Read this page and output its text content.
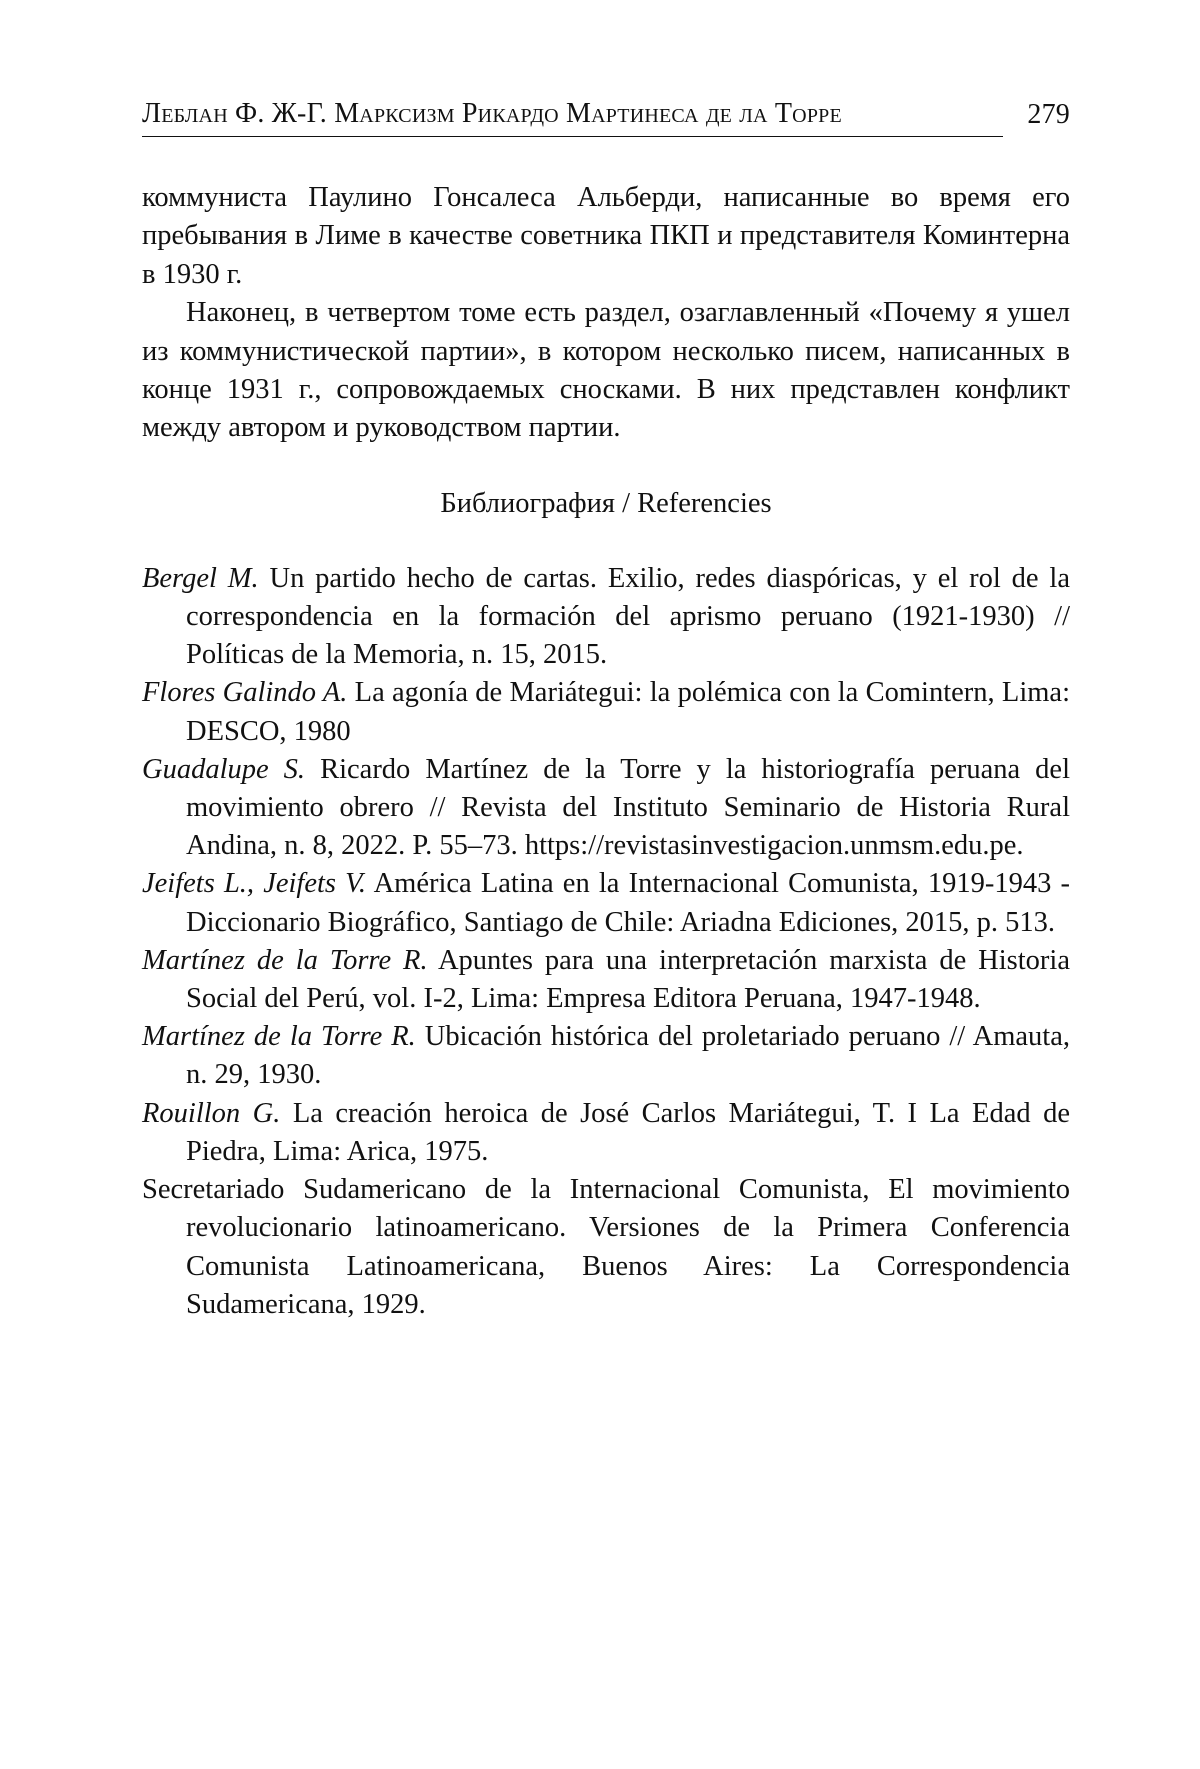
Леблан Ф. Ж-Г. Марксизм Рикардо Мартинеса де ла Торре	279

коммуниста Паулино Гонсалеса Альберди, написанные во время его пребывания в Лиме в качестве советника ПКП и представителя Коминтерна в 1930 г.

Наконец, в четвертом томе есть раздел, озаглавленный «Почему я ушел из коммунистической партии», в котором несколько писем, написанных в конце 1931 г., сопровождаемых сносками. В них представлен конфликт между автором и руководством партии.

Библиография / Referencies

Bergel M. Un partido hecho de cartas. Exilio, redes diaspóricas, y el rol de la correspondencia en la formación del aprismo peruano (1921-1930) // Políticas de la Memoria, n. 15, 2015.

Flores Galindo A. La agonía de Mariátegui: la polémica con la Comintern, Lima: DESCO, 1980

Guadalupe S. Ricardo Martínez de la Torre y la historiografía peruana del movimiento obrero // Revista del Instituto Seminario de Historia Rural Andina, n. 8, 2022. P. 55–73. https://revistasinvestigacion.unmsm.edu.pe.

Jeifets L., Jeifets V. América Latina en la Internacional Comunista, 1919-1943 - Diccionario Biográfico, Santiago de Chile: Ariadna Ediciones, 2015, p. 513.

Martínez de la Torre R. Apuntes para una interpretación marxista de Historia Social del Perú, vol. I-2, Lima: Empresa Editora Peruana, 1947-1948.

Martínez de la Torre R. Ubicación histórica del proletariado peruano // Amauta, n. 29, 1930.

Rouillon G. La creación heroica de José Carlos Mariátegui, T. I La Edad de Piedra, Lima: Arica, 1975.

Secretariado Sudamericano de la Internacional Comunista, El movimiento revolucionario latinoamericano. Versiones de la Primera Conferencia Comunista Latinoamericana, Buenos Aires: La Correspondencia Sudamericana, 1929.
